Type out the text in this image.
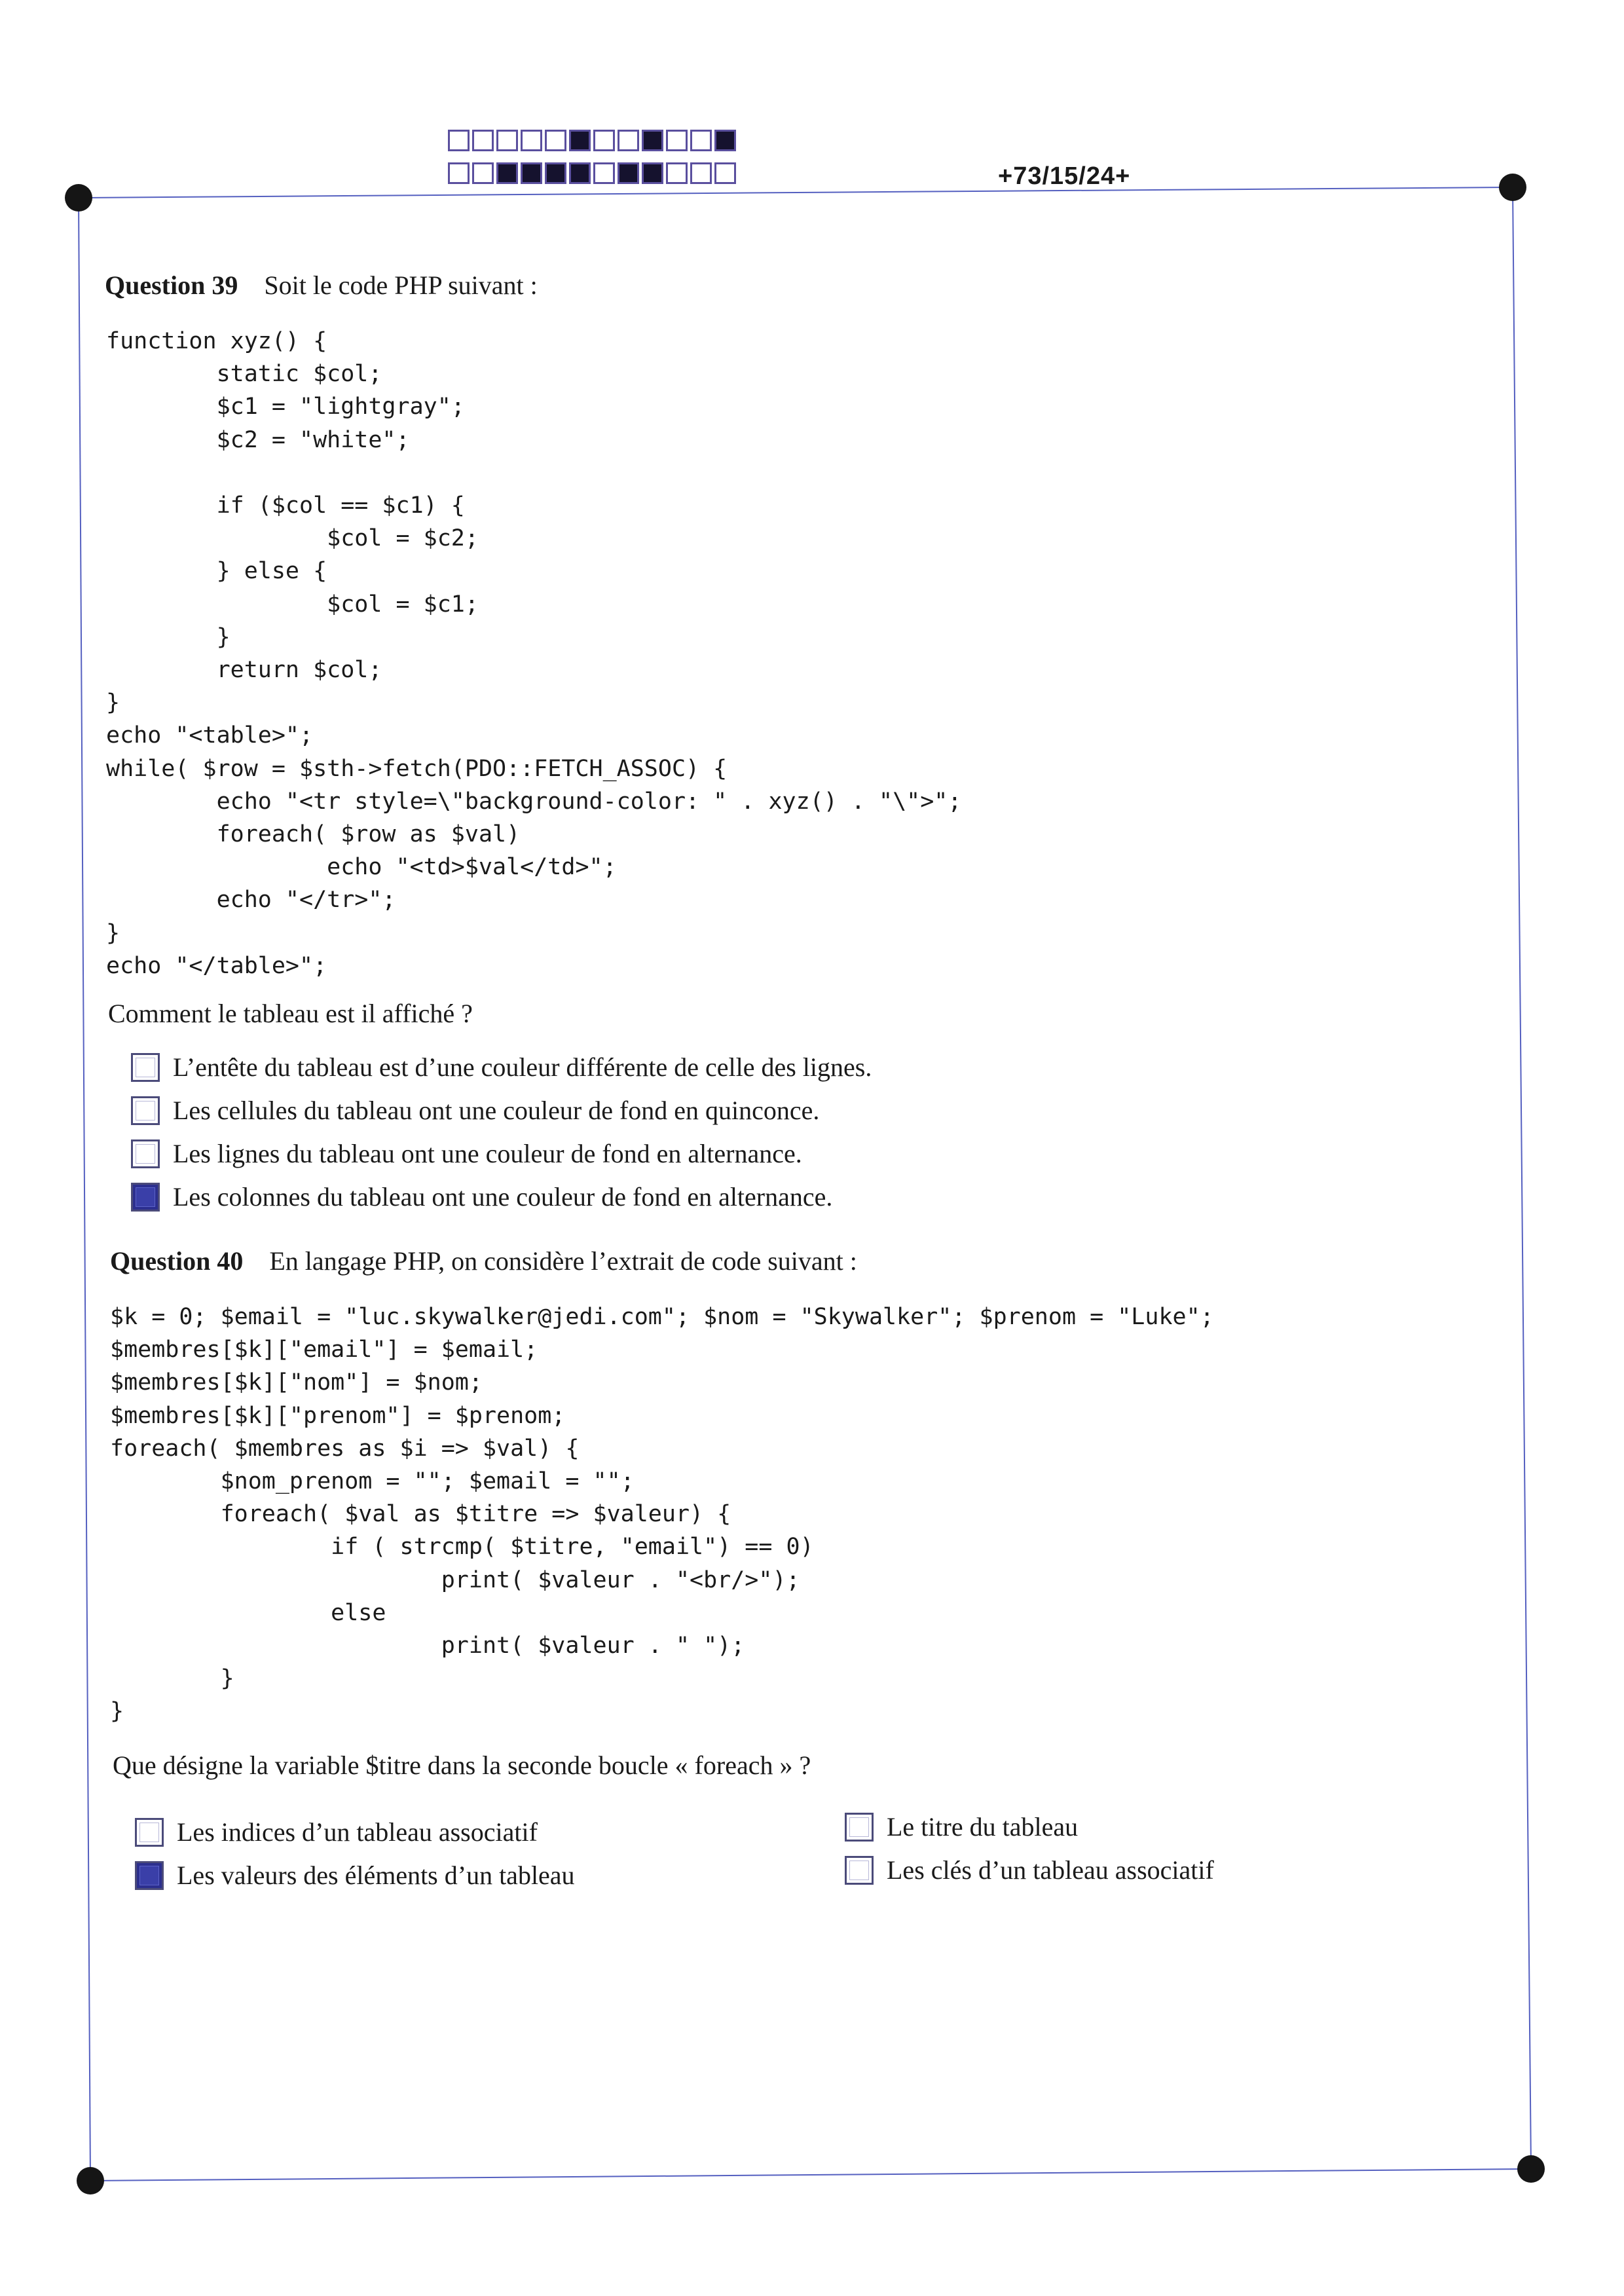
+73/15/24+
Question 39 Soit le code PHP suivant :
function xyz() {
static $col;
$c1 = "lightgray";
$c2 = "white";

if ($col == $c1) {
$col = $c2;
} else {
$col = $c1;
}
return $col;
}
echo "<table>";
while( $row = $sth->fetch(PDO::FETCH_ASSOC) {
echo "<tr style=\"background-color: " . xyz() . "\">";
foreach( $row as $val)
echo "<td>$val</td>";
echo "</tr>";
}
echo "</table>";
Comment le tableau est il affiché ?
L’entête du tableau est d’une couleur différente de celle des lignes.
Les cellules du tableau ont une couleur de fond en quinconce.
Les lignes du tableau ont une couleur de fond en alternance.
Les colonnes du tableau ont une couleur de fond en alternance.
Question 40 En langage PHP, on considère l’extrait de code suivant :
$k = 0; $email = "luc.skywalker@jedi.com"; $nom = "Skywalker"; $prenom = "Luke";
$membres[$k]["email"] = $email;
$membres[$k]["nom"] = $nom;
$membres[$k]["prenom"] = $prenom;
foreach( $membres as $i => $val) {
$nom_prenom = ""; $email = "";
foreach( $val as $titre => $valeur) {
if ( strcmp( $titre, "email") == 0)
print( $valeur . "<br/>");
else
print( $valeur . " ");
}
}
Que désigne la variable $titre dans la seconde boucle « foreach » ?
Les indices d’un tableau associatif
Les valeurs des éléments d’un tableau
Le titre du tableau
Les clés d’un tableau associatif
